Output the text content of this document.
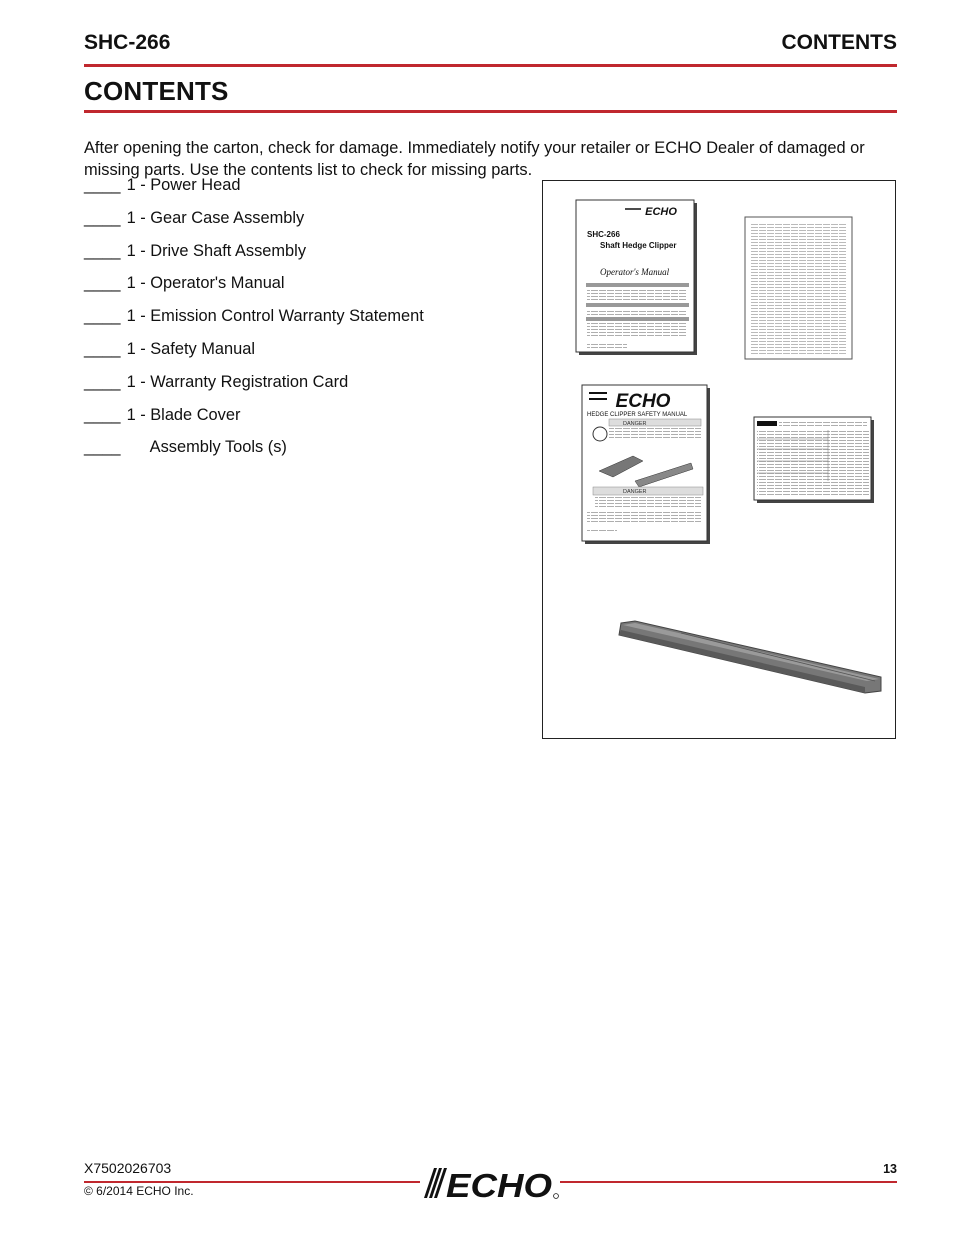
SHC-266	CONTENTS
CONTENTS

After opening the carton, check for damage. Immediately notify your retailer or ECHO Dealer of damaged or missing parts. Use the contents list to check for missing parts.

____ 1 - Power Head
____ 1 - Gear Case Assembly
____ 1 - Drive Shaft Assembly
____ 1 - Operator's Manual
____ 1 - Emission Control Warranty Statement
____ 1 - Safety Manual
____ 1 - Warranty Registration Card
____ 1 - Blade Cover
____ Assembly Tools (s)
ECHO
SHC-266
Shaft Hedge Clipper
Operator's Manual
ECHO
HEDGE CLIPPER SAFETY MANUAL
DANGER
DANGER
X7502026703	13
© 6/2014 ECHO Inc.	ECHO
